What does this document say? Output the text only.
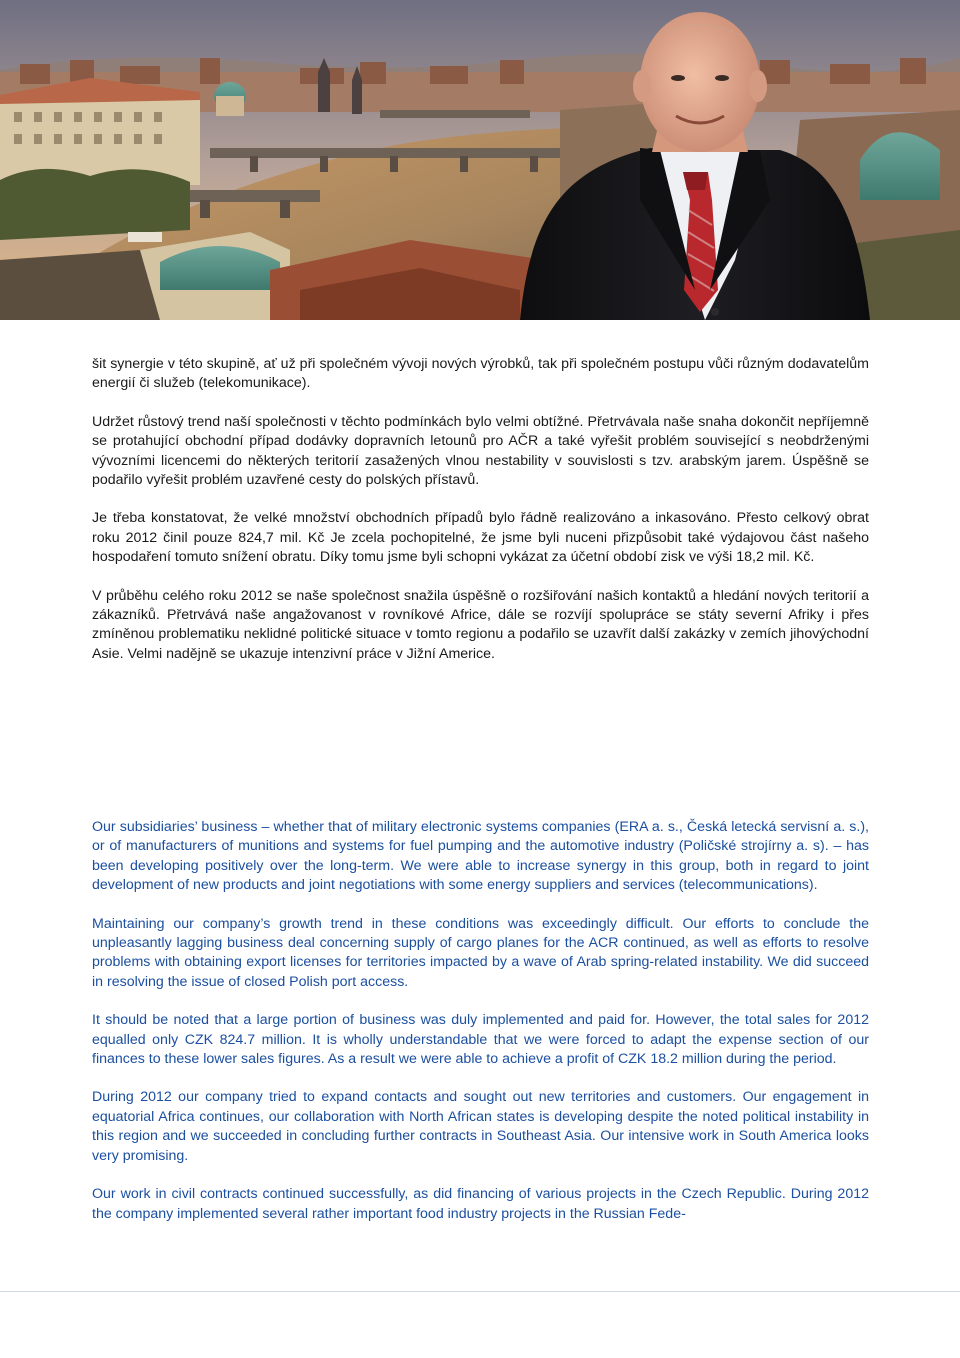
šit synergie v této skupině, ať už při společném vývoji nových výrobků, tak při společném postupu vůči různým dodavatelům energií či služeb (telekomunikace).

Udržet růstový trend naší společnosti v těchto podmínkách bylo velmi obtížné. Přetrvávala naše snaha dokončit nepříjemně se protahující obchodní případ dodávky dopravních letounů pro AČR a také vyřešit problém související s neobdrženými vývozními licencemi do některých teritorií zasažených vlnou nestability v souvislosti s tzv. arabským jarem. Úspěšně se podařilo vyřešit problém uzavřené cesty do polských přístavů.

Je třeba konstatovat, že velké množství obchodních případů bylo řádně realizováno a inkasováno. Přesto celkový obrat roku 2012 činil pouze 824,7 mil. Kč Je zcela pochopitelné, že jsme byli nuceni přizpůsobit také výdajovou část našeho hospodaření tomuto snížení obratu. Díky tomu jsme byli schopni vykázat za účetní období zisk ve výši 18,2 mil. Kč.

V průběhu celého roku 2012 se naše společnost snažila úspěšně o rozšiřování našich kontaktů a hledání nových teritorií a zákazníků. Přetrvává naše angažovanost v rovníkové Africe, dále se rozvíjí spolupráce se státy severní Afriky i přes zmíněnou problematiku neklidné politické situace v tomto regionu a podařilo se uzavřít další zakázky v zemích jihovýchodní Asie. Velmi nadějně se ukazuje intenzivní práce v Jižní Americe.

Our subsidiaries’ business – whether that of military electronic systems companies (ERA a. s., Česká letecká servisní a. s.), or of manufacturers of munitions and systems for fuel pumping and the automotive industry (Poličské strojírny a. s). – has been developing positively over the long-term. We were able to increase synergy in this group, both in regard to joint development of new products and joint negotiations with some energy suppliers and services (telecommunications).

Maintaining our company’s growth trend in these conditions was exceedingly difficult. Our efforts to conclude the unpleasantly lagging business deal concerning supply of cargo planes for the ACR continued, as well as efforts to resolve problems with obtaining export licenses for territories impacted by a wave of Arab spring-related instability. We did succeed in resolving the issue of closed Polish port access.

It should be noted that a large portion of business was duly implemented and paid for. However, the total sales for 2012 equalled only CZK 824.7 million. It is wholly understandable that we were forced to adapt the expense section of our finances to these lower sales figures. As a result we were able to achieve a profit of CZK 18.2 million during the period.

During 2012 our company tried to expand contacts and sought out new territories and customers. Our engagement in equatorial Africa continues, our collaboration with North African states is developing despite the noted political instability in this region and we succeeded in concluding further contracts in Southeast Asia. Our intensive work in South America looks very promising.

Our work in civil contracts continued successfully, as did financing of various projects in the Czech Republic. During 2012 the company implemented several rather important food industry projects in the Russian Fede-
